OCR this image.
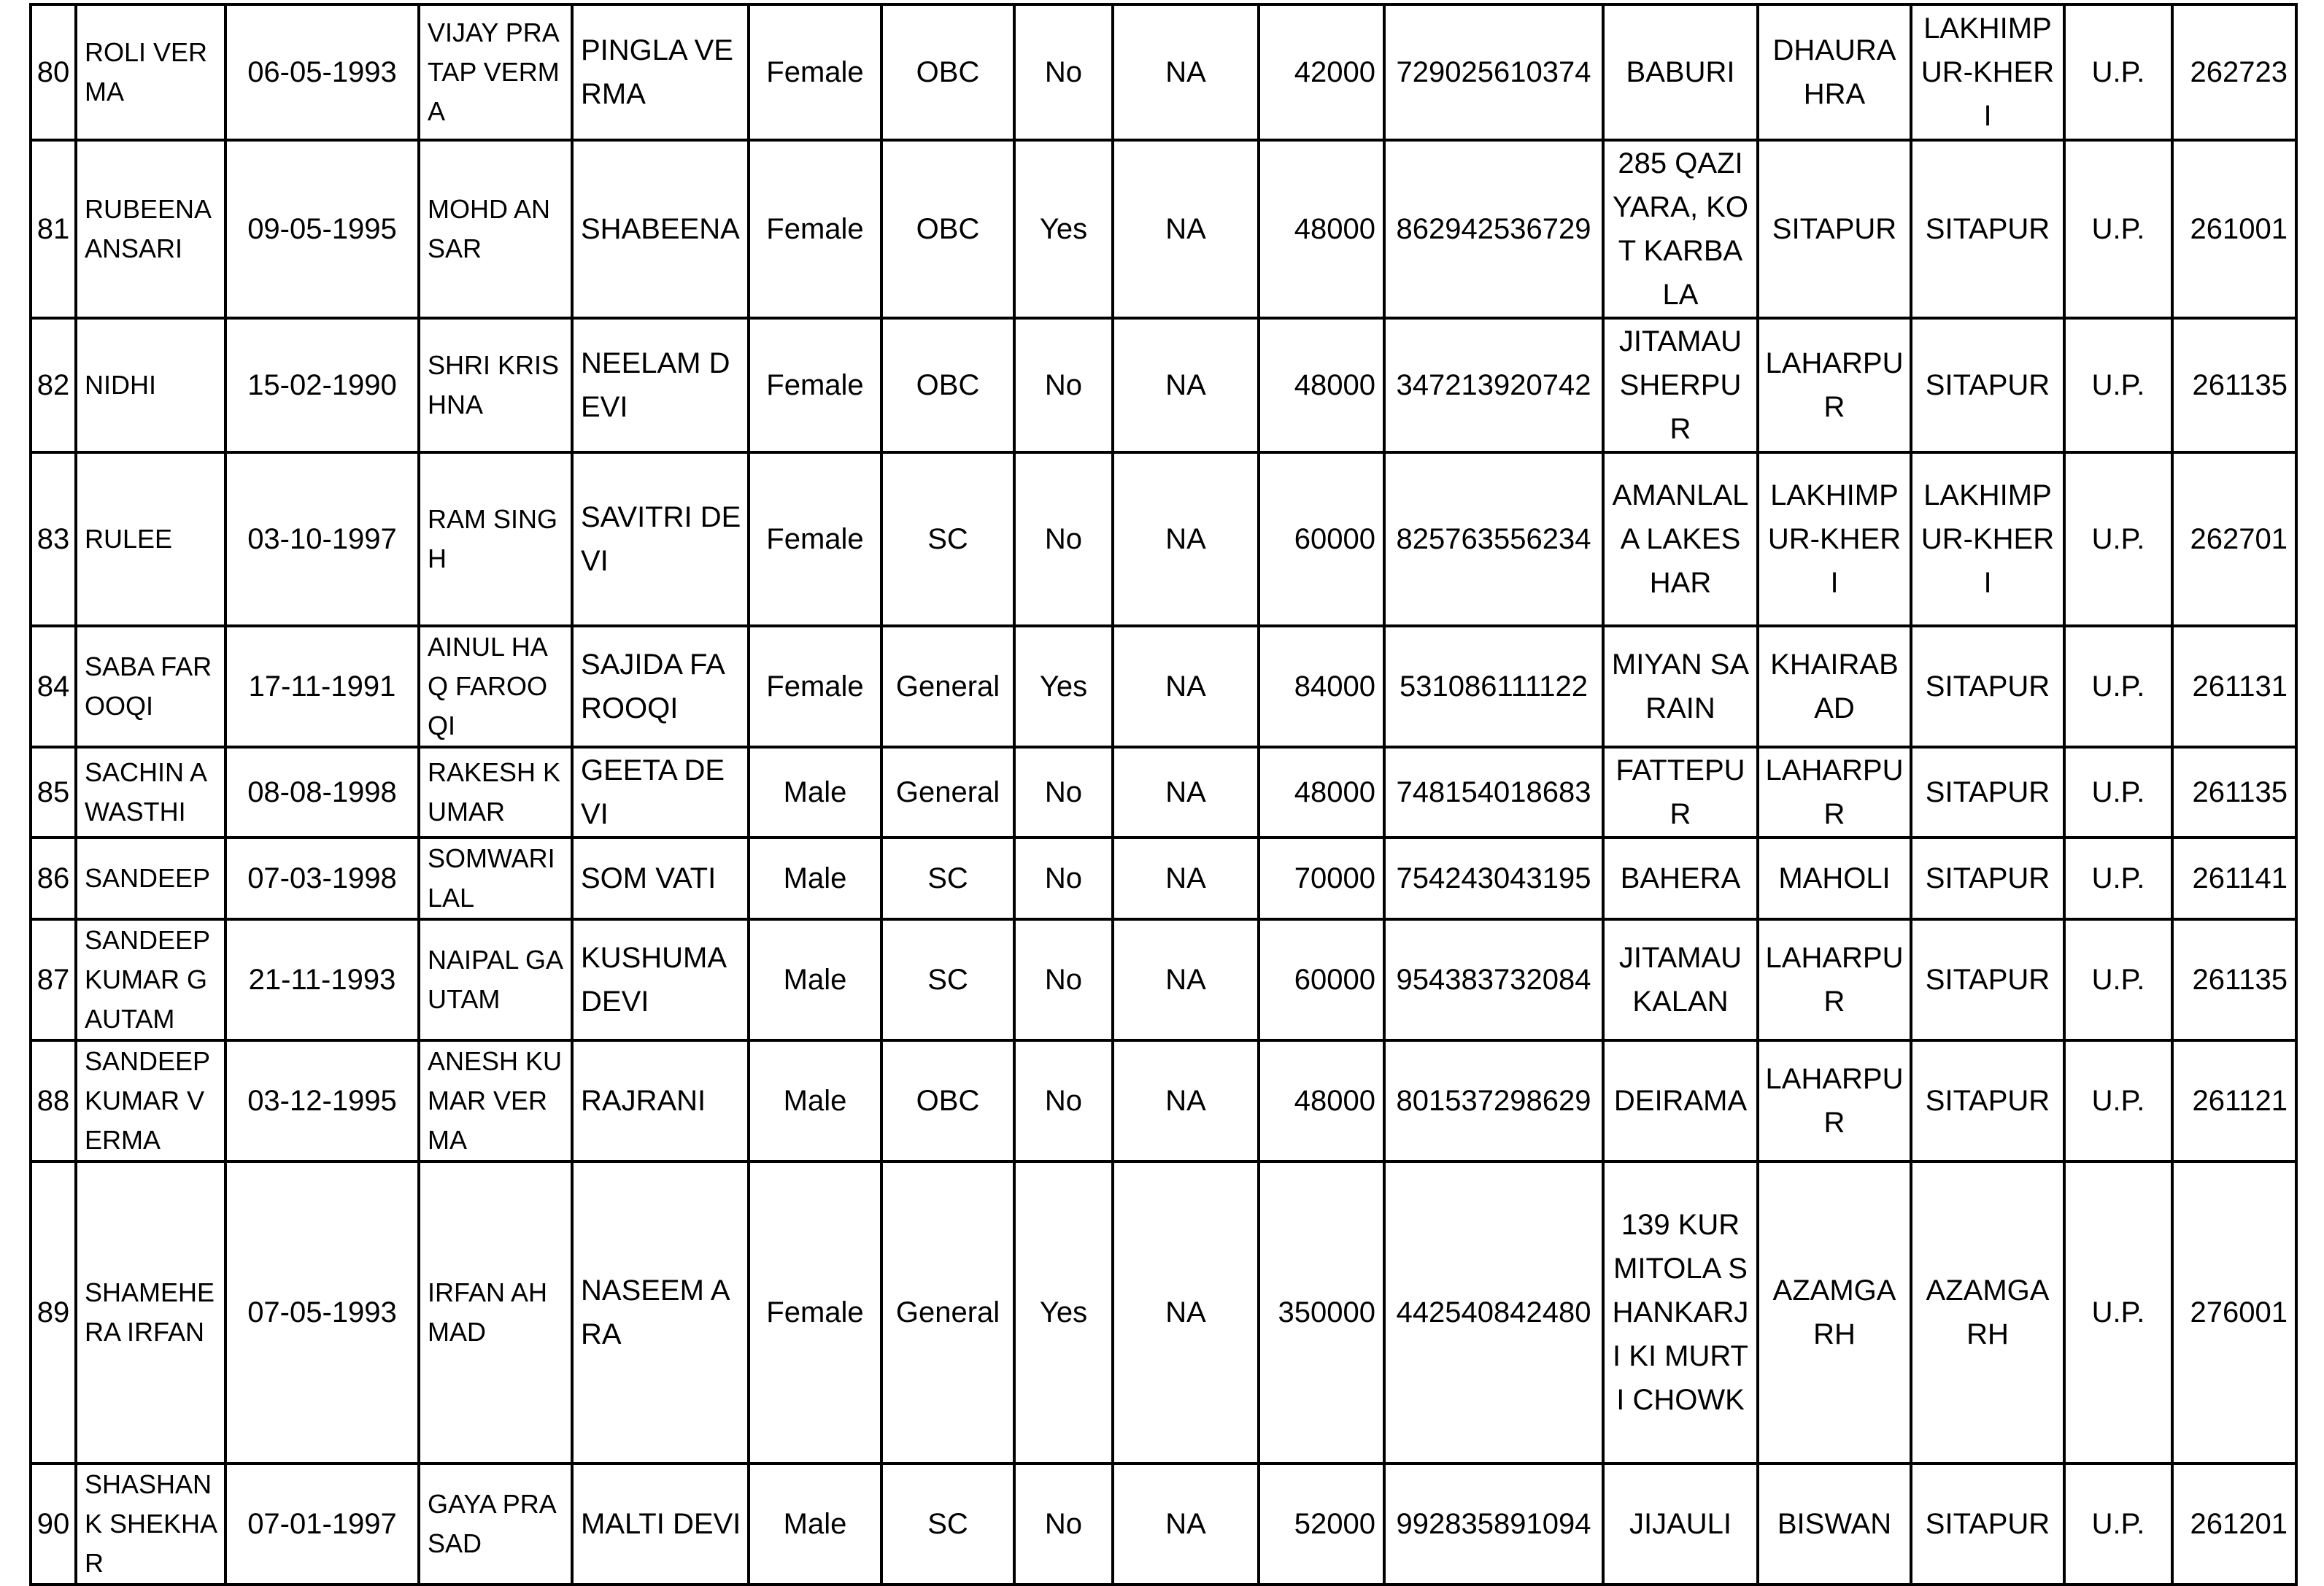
80	ROLI VERMA	06-05-1993	VIJAY PRATAP VERMA	PINGLA VERMA	Female	OBC	No	NA	42000	729025610374	BABURI	DHAURAHRA	LAKHIMPUR-KHERI	U.P.	262723
81	RUBEENA ANSARI	09-05-1995	MOHD ANSAR	SHABEENA	Female	OBC	Yes	NA	48000	862942536729	285 QAZIYARA, KOT KARBALA	SITAPUR	SITAPUR	U.P.	261001
82	NIDHI	15-02-1990	SHRI KRISHNA	NEELAM DEVI	Female	OBC	No	NA	48000	347213920742	JITAMAU SHERPUR	LAHARPUR	SITAPUR	U.P.	261135
83	RULEE	03-10-1997	RAM SINGH	SAVITRI DEVI	Female	SC	No	NA	60000	825763556234	AMANLALA LAKESHAR	LAKHIMPUR-KHERI	LAKHIMPUR-KHERI	U.P.	262701
84	SABA FAROOQI	17-11-1991	AINUL HAQ FAROOQI	SAJIDA FAROOQI	Female	General	Yes	NA	84000	531086111122	MIYAN SARAIN	KHAIRABAD	SITAPUR	U.P.	261131
85	SACHIN AWASTHI	08-08-1998	RAKESH KUMAR	GEETA DEVI	Male	General	No	NA	48000	748154018683	FATTEPUR	LAHARPUR	SITAPUR	U.P.	261135
86	SANDEEP	07-03-1998	SOMWARI LAL	SOM VATI	Male	SC	No	NA	70000	754243043195	BAHERA	MAHOLI	SITAPUR	U.P.	261141
87	SANDEEP KUMAR GAUTAM	21-11-1993	NAIPAL GAUTAM	KUSHUMA DEVI	Male	SC	No	NA	60000	954383732084	JITAMAU KALAN	LAHARPUR	SITAPUR	U.P.	261135
88	SANDEEP KUMAR VERMA	03-12-1995	ANESH KUMAR VERMA	RAJRANI	Male	OBC	No	NA	48000	801537298629	DEIRAMA	LAHARPUR	SITAPUR	U.P.	261121
89	SHAMEHERA IRFAN	07-05-1993	IRFAN AHMAD	NASEEM ARA	Female	General	Yes	NA	350000	442540842480	139 KURMITOLA SHANKARJI KI MURTI CHOWK	AZAMGARH	AZAMGARH	U.P.	276001
90	SHASHANK SHEKHAR	07-01-1997	GAYA PRASAD	MALTI DEVI	Male	SC	No	NA	52000	992835891094	JIJAULI	BISWAN	SITAPUR	U.P.	261201
